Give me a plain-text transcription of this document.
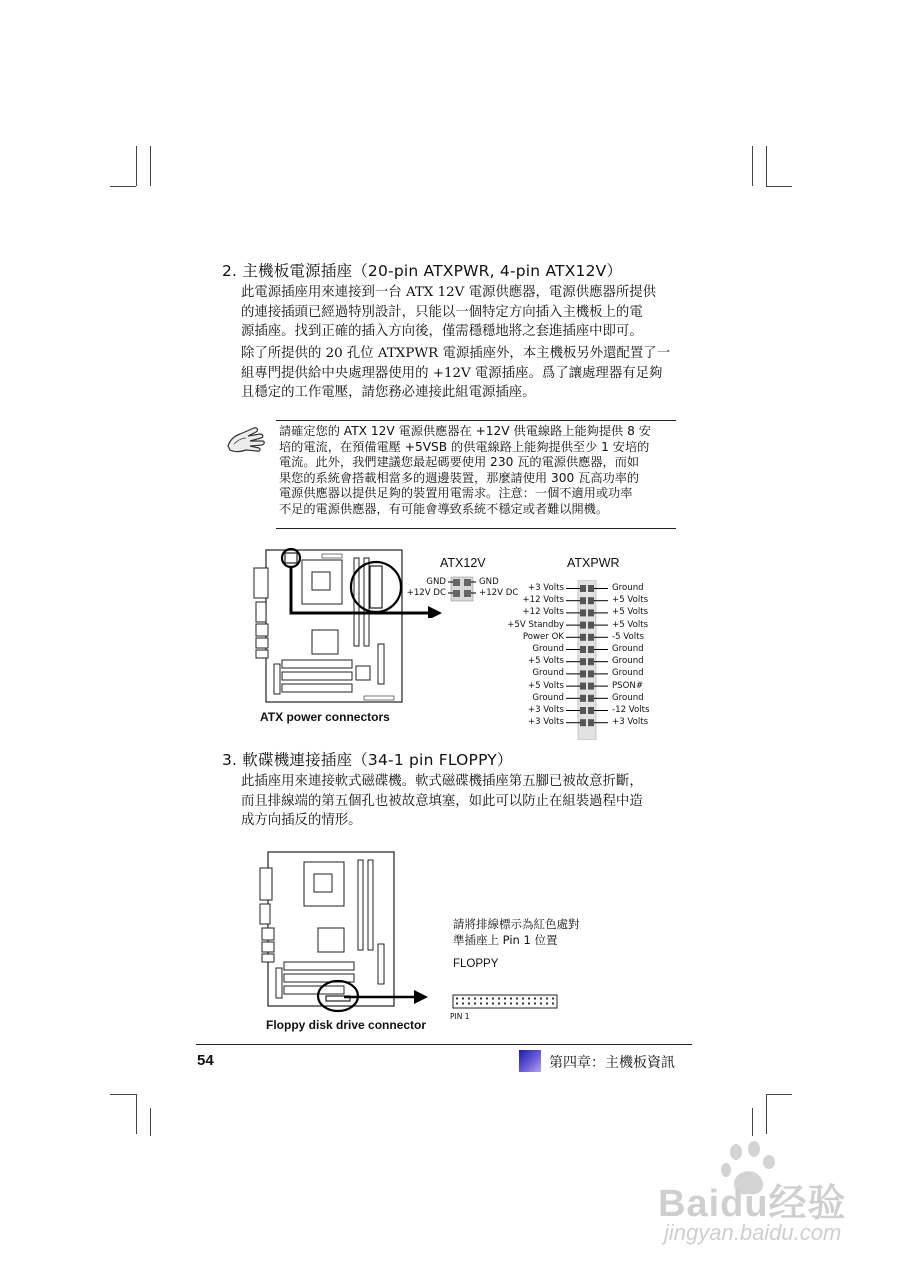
2. 主機板電源插座（20-pin ATXPWR, 4-pin ATX12V）
此電源插座用來連接到一台 ATX 12V 電源供應器，電源供應器所提供
的連接插頭已經過特別設計，只能以一個特定方向插入主機板上的電
源插座。找到正確的插入方向後，僅需穩穩地將之套進插座中即可。
除了所提供的 20 孔位 ATXPWR 電源插座外，本主機板另外還配置了一
組專門提供給中央處理器使用的 +12V 電源插座。爲了讓處理器有足夠
且穩定的工作電壓，請您務必連接此組電源插座。
請確定您的 ATX 12V 電源供應器在 +12V 供電線路上能夠提供 8 安
培的電流，在預備電壓 +5VSB 的供電線路上能夠提供至少 1 安培的
電流。此外，我們建議您最起碼要使用 230 瓦的電源供應器，而如
果您的系統會搭載相當多的週邊裝置，那麼請使用 300 瓦高功率的
電源供應器以提供足夠的裝置用電需求。注意：一個不適用或功率
不足的電源供應器，有可能會導致系統不穩定或者難以開機。
ATX power connectors
ATX12V
GND
+12V DC
GND
+12V DC
ATXPWR
+3 Volts
+12 Volts
+12 Volts
+5V Standby
Power OK
Ground
+5 Volts
Ground
+5 Volts
Ground
+3 Volts
+3 Volts
Ground
+5 Volts
+5 Volts
+5 Volts
-5 Volts
Ground
Ground
Ground
PSON#
Ground
-12 Volts
+3 Volts
3. 軟碟機連接插座（34-1 pin FLOPPY）
此插座用來連接軟式磁碟機。軟式磁碟機插座第五腳已被故意折斷，
而且排線端的第五個孔也被故意填塞，如此可以防止在組裝過程中造
成方向插反的情形。
Floppy disk drive connector
請將排線標示為紅色處對
準插座上 Pin 1 位置
FLOPPY
PIN 1
54	第四章：主機板資訊
Baidu经验
jingyan.baidu.com
